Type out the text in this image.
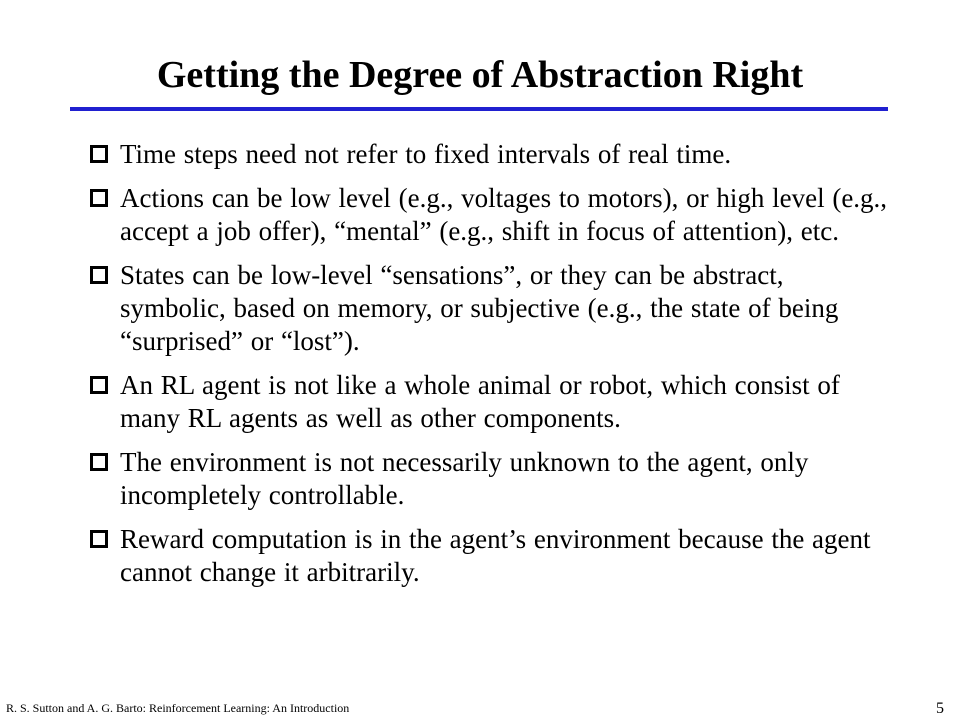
Getting the Degree of Abstraction Right
Time steps need not refer to fixed intervals of real time.
Actions can be low level (e.g., voltages to motors), or high level (e.g., accept a job offer), “mental” (e.g., shift in focus of attention), etc.
States can be low-level “sensations”, or they can be abstract, symbolic, based on memory, or subjective (e.g., the state of being “surprised” or “lost”).
An RL agent is not like a whole animal or robot, which consist of many RL agents as well as other components.
The environment is not necessarily unknown to the agent, only incompletely controllable.
Reward computation is in the agent’s environment because the agent cannot change it arbitrarily.
R. S. Sutton and A. G. Barto: Reinforcement Learning: An Introduction	5
